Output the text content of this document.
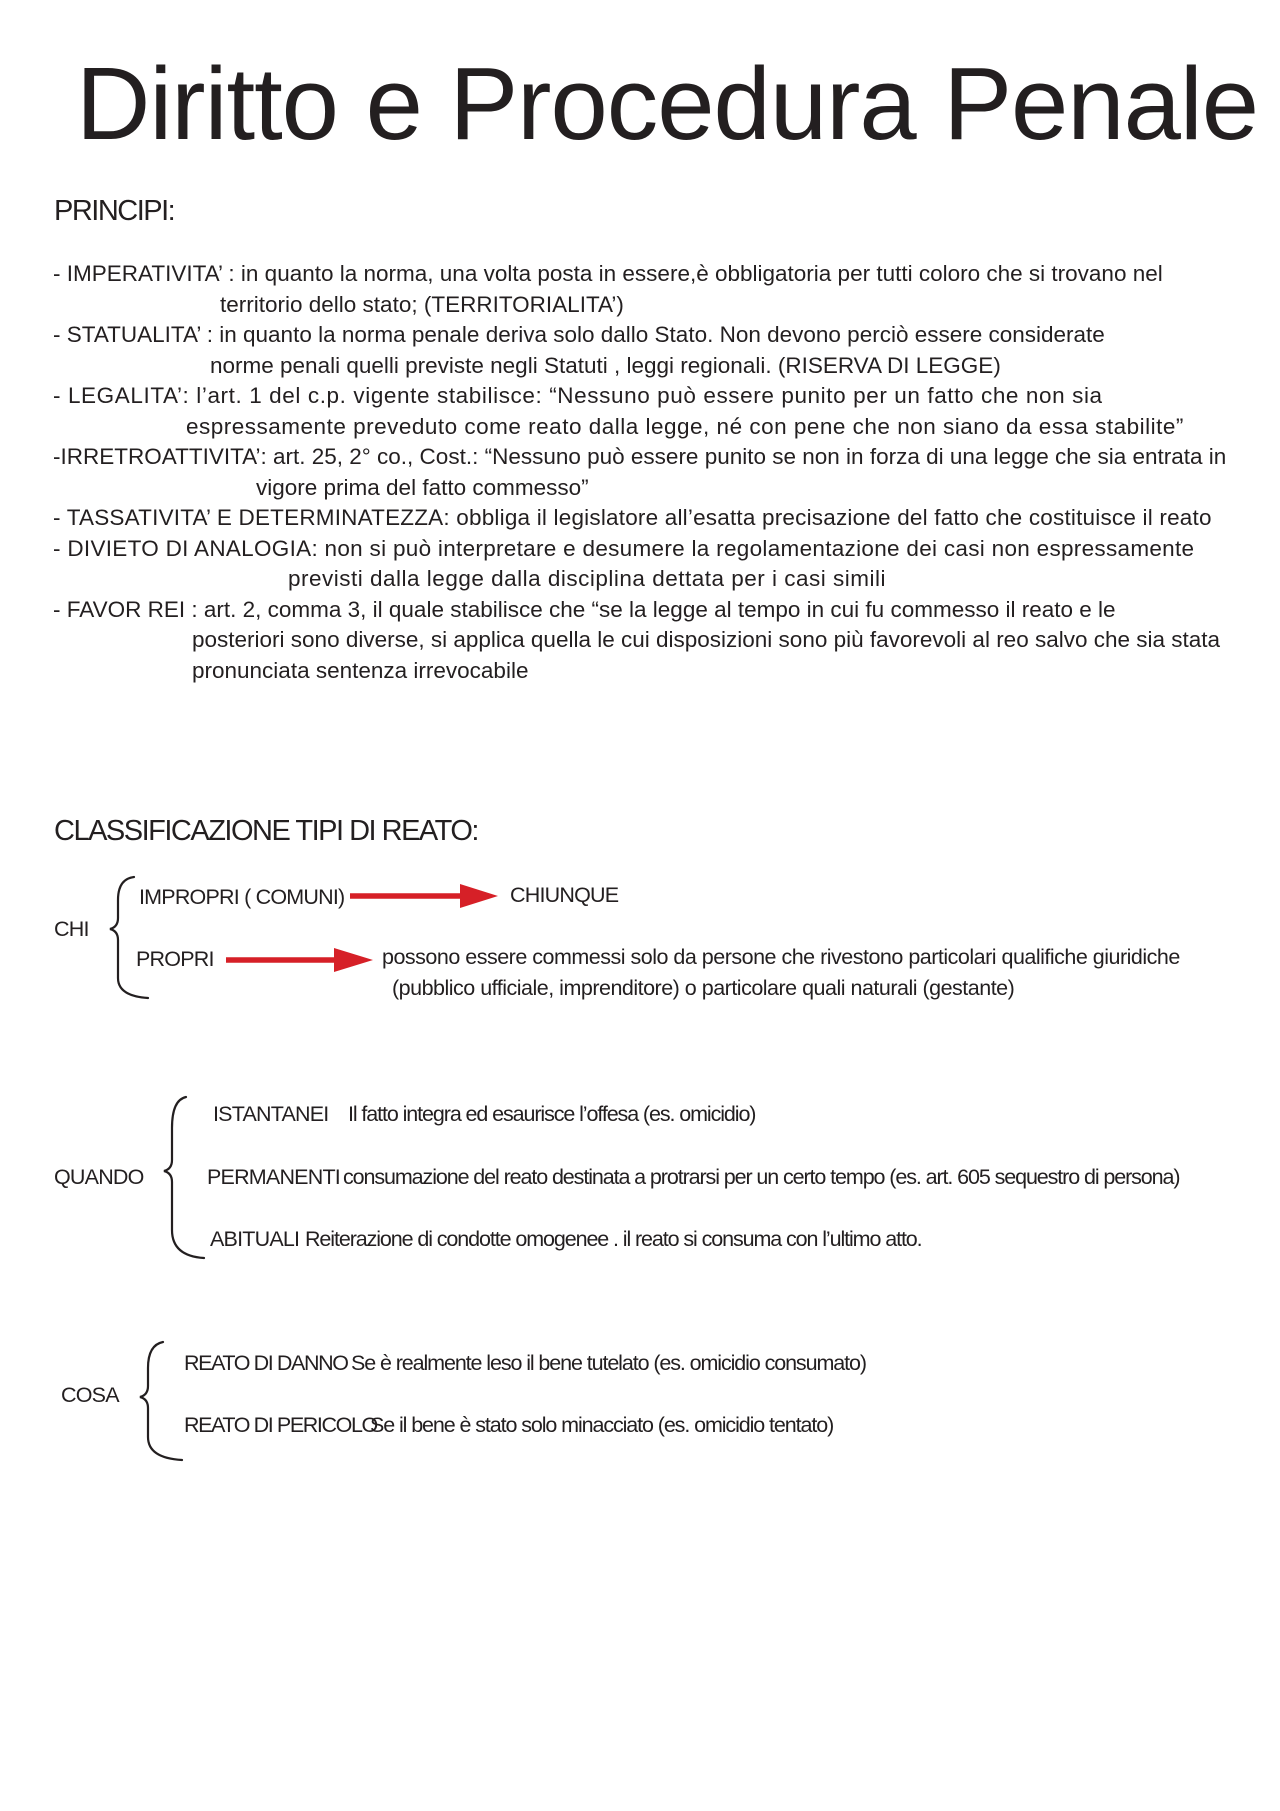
Diritto e Procedura Penale
PRINCIPI:
- IMPERATIVITA’ : in quanto la norma, una volta posta in essere,è obbligatoria per tutti coloro che si trovano nel
territorio dello stato; (TERRITORIALITA’)
- STATUALITA’ : in quanto la norma penale deriva solo dallo Stato. Non devono perciò essere considerate
norme penali quelli previste negli Statuti , leggi regionali. (RISERVA DI LEGGE)
- LEGALITA’: l’art. 1 del c.p. vigente stabilisce: “Nessuno può essere punito per un fatto che non sia
espressamente preveduto come reato dalla legge, né con pene che non siano da essa stabilite”
-IRRETROATTIVITA’: art. 25, 2° co., Cost.: “Nessuno può essere punito se non in forza di una legge che sia entrata in
vigore prima del fatto commesso”
- TASSATIVITA’ E DETERMINATEZZA: obbliga il legislatore all’esatta precisazione del fatto che costituisce il reato
- DIVIETO DI ANALOGIA: non si può interpretare e desumere la regolamentazione dei casi non espressamente
previsti dalla legge dalla disciplina dettata per i casi simili
- FAVOR REI : art. 2, comma 3, il quale stabilisce che “se la legge al tempo in cui fu commesso il reato e le
posteriori sono diverse, si applica quella le cui disposizioni sono più favorevoli al reo salvo che sia stata
pronunciata sentenza irrevocabile
CLASSIFICAZIONE TIPI DI REATO:
CHI
IMPROPRI ( COMUNI)	CHIUNQUE
PROPRI	possono essere commessi solo da persone che rivestono particolari qualifiche giuridiche
(pubblico ufficiale, imprenditore) o particolare quali naturali (gestante)
QUANDO
ISTANTANEI Il fatto integra ed esaurisce l’offesa (es. omicidio)
PERMANENTI consumazione del reato destinata a protrarsi per un certo tempo (es. art. 605 sequestro di persona)
ABITUALI Reiterazione di condotte omogenee . il reato si consuma con l’ultimo atto.
COSA
REATO DI DANNO Se è realmente leso il bene tutelato (es. omicidio consumato)
REATO DI PERICOLO
Se il bene è stato solo minacciato (es. omicidio tentato)
